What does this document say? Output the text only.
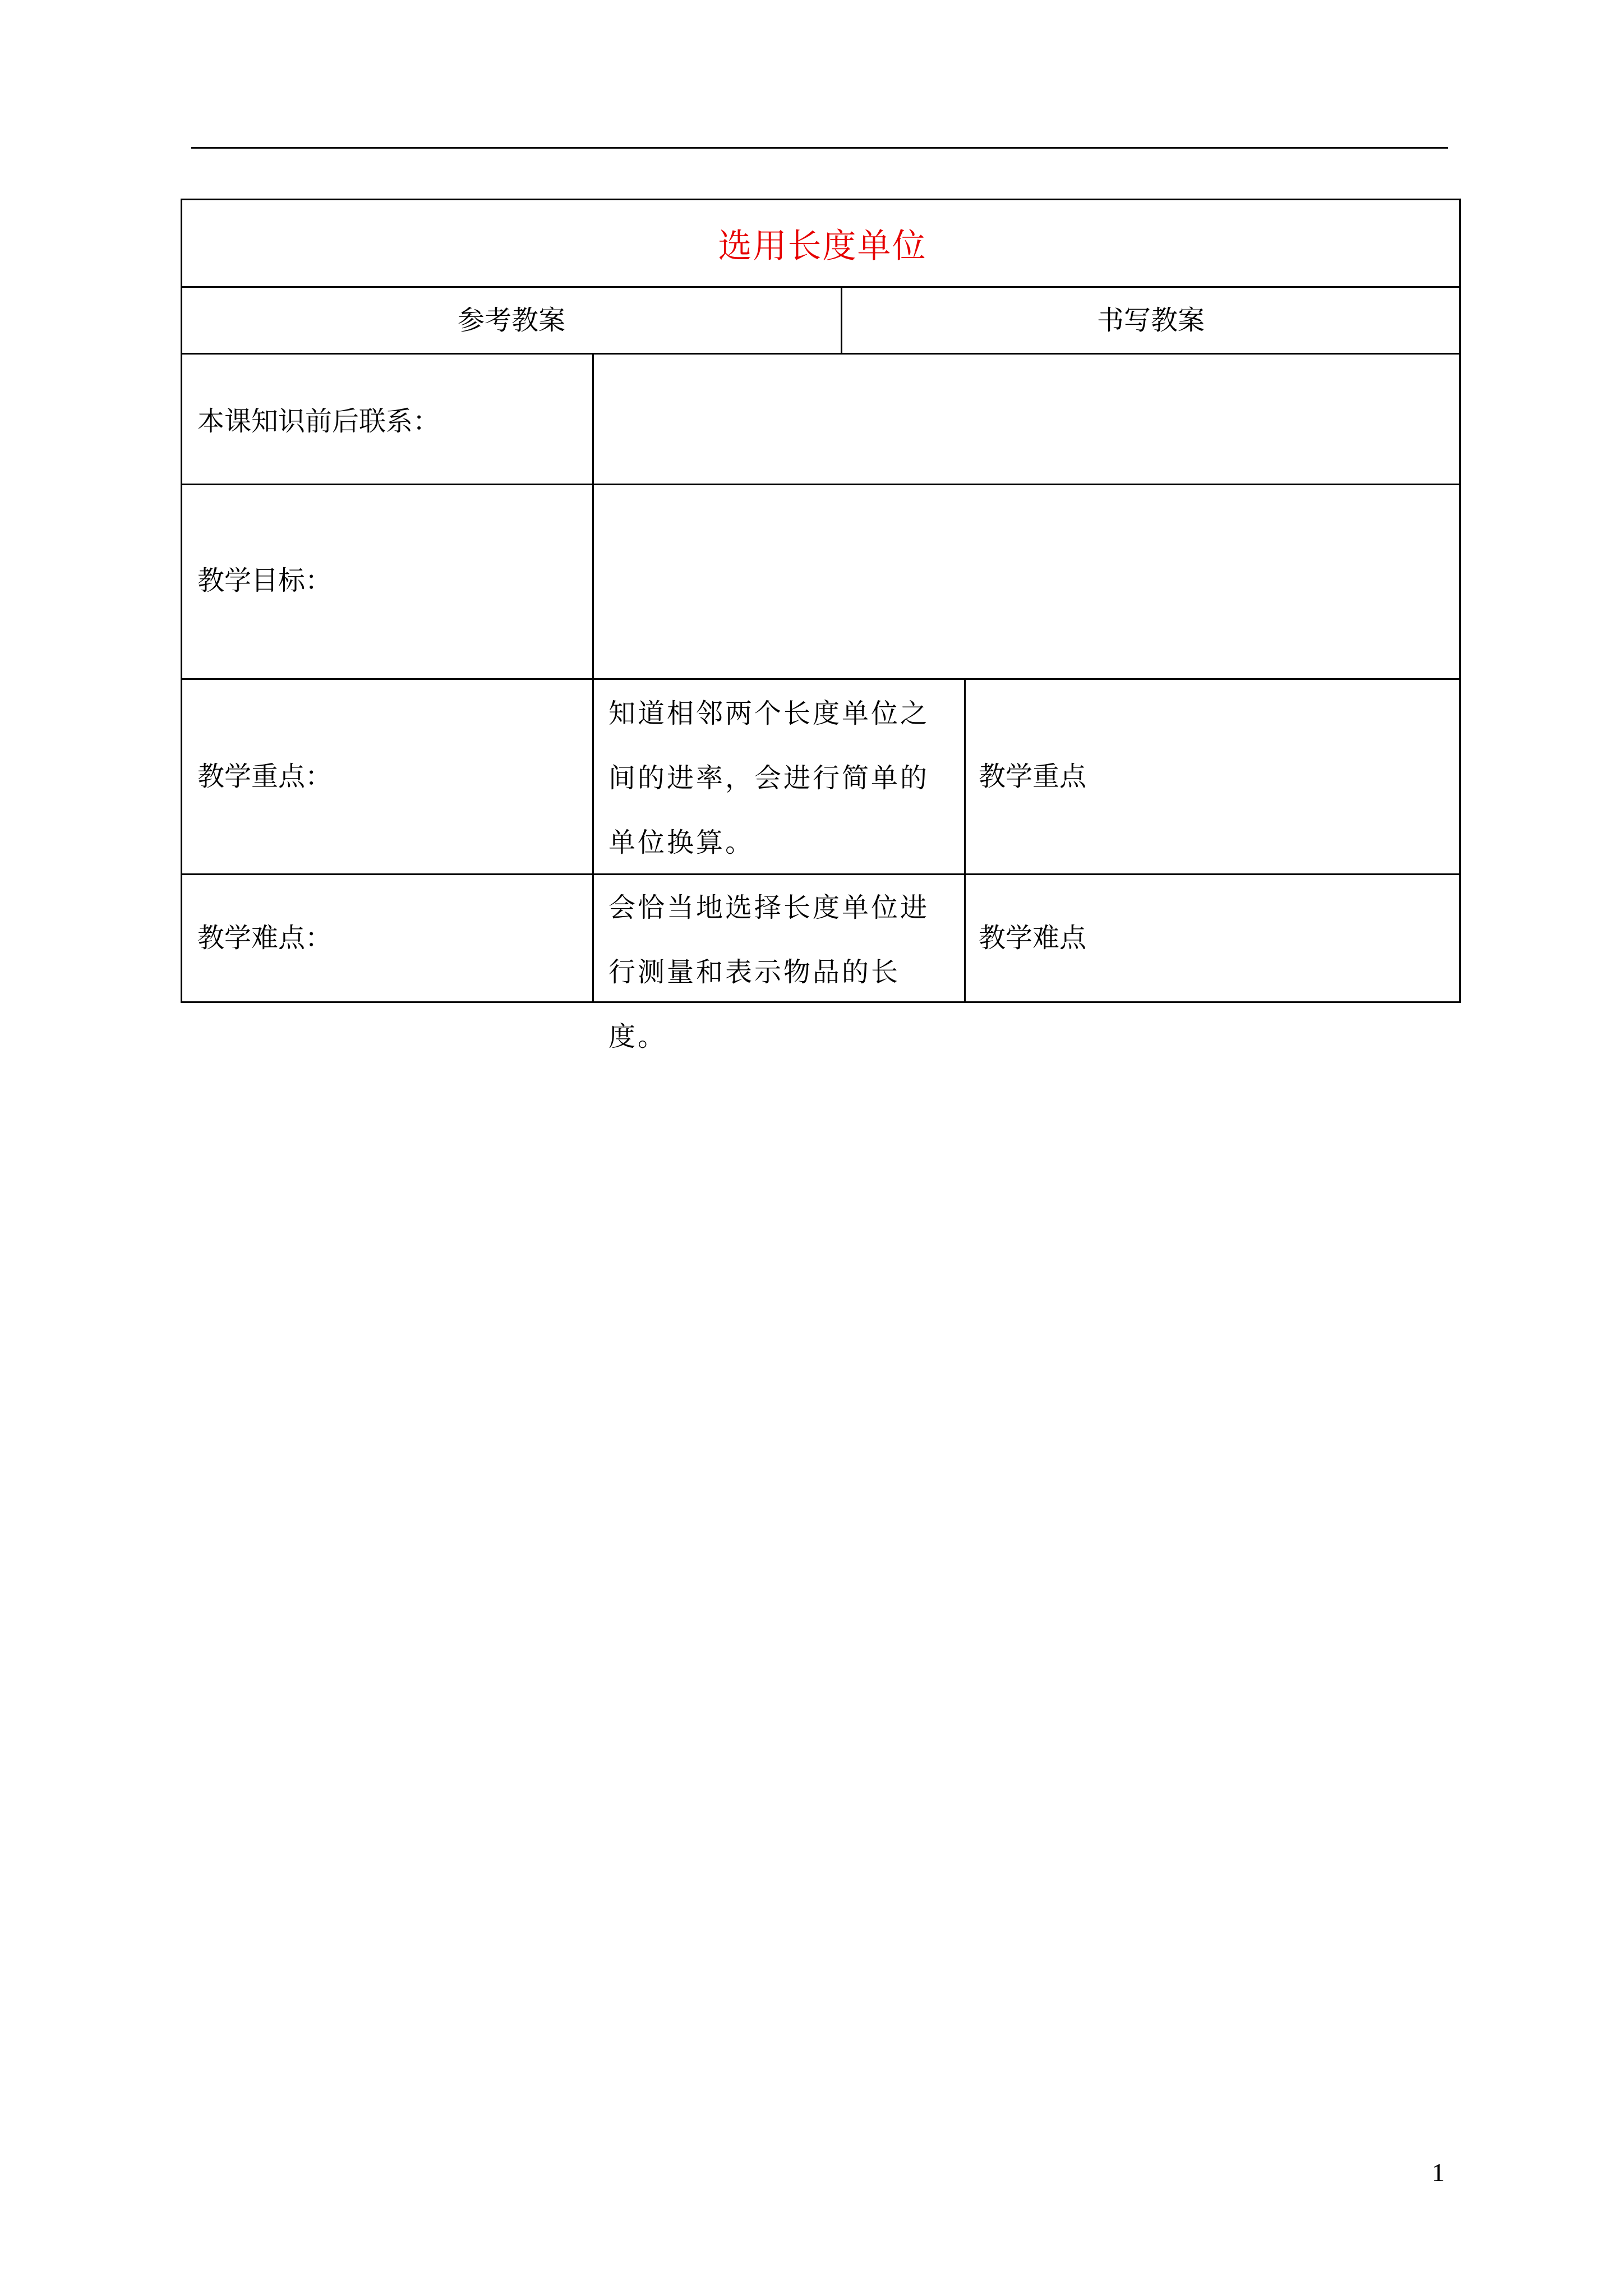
选用长度单位
参考教案	书写教案
本课知识前后联系：
教学目标：
教学重点：
知道相邻两个长度单位之间的进率，会进行简单的单位换算。
教学重点
教学难点：
会恰当地选择长度单位进行测量和表示物品的长度。
教学难点
1
